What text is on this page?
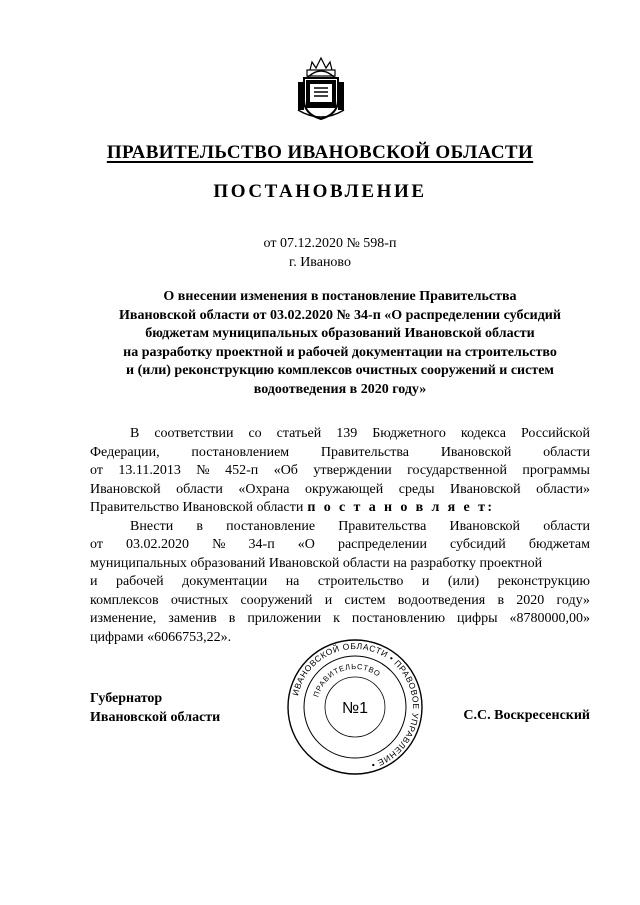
ПРАВИТЕЛЬСТВО ИВАНОВСКОЙ ОБЛАСТИ
ПОСТАНОВЛЕНИЕ
от 07.12.2020 № 598-п
г. Иваново
О внесении изменения в постановление Правительства
Ивановской области от 03.02.2020 № 34-п «О распределении субсидий
бюджетам муниципальных образований Ивановской области
на разработку проектной и рабочей документации на строительство
и (или) реконструкцию комплексов очистных сооружений и систем
водоотведения в 2020 году»
В соответствии со статьей 139 Бюджетного кодекса Российской
Федерации, постановлением Правительства Ивановской области
от 13.11.2013 № 452-п «Об утверждении государственной программы
Ивановской области «Охрана окружающей среды Ивановской области»
Правительство Ивановской области п о с т а н о в л я е т:
Внести в постановление Правительства Ивановской области
от 03.02.2020 № 34-п «О распределении субсидий бюджетам
муниципальных образований Ивановской области на разработку проектной
и рабочей документации на строительство и (или) реконструкцию
комплексов очистных сооружений и систем водоотведения в 2020 году»
изменение, заменив в приложении к постановлению цифры «8780000,00»
цифрами «6066753,22».
Губернатор
Ивановской области	С.С. Воскресенский
ИВАНОВСКОЙ ОБЛАСТИ • ПРАВОВОЕ УПРАВЛЕНИЕ •
ПРАВИТЕЛЬСТВО
№1
